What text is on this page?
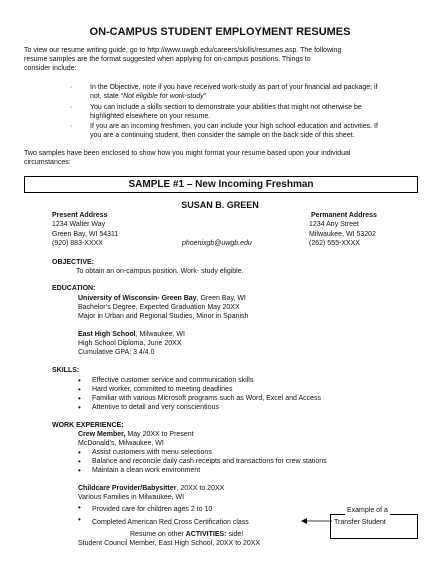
ON-CAMPUS STUDENT EMPLOYMENT RESUMES
To view our resume writing guide, go to http://www.uwgb.edu/careers/skills/resumes.asp. The following
resume samples are the format suggested when applying for on-campus positions. Things to
consider include:
·	In the Objective, note if you have received work-study as part of your financial aid package; if
not, state “Not eligible for work-study”
·	You can include a skills section to demonstrate your abilities that might not otherwise be
highlighted elsewhere on your resume.
·	If you are an incoming freshmen, you can include your high school education and activities. If
you are a continuing student, then consider the sample on the back side of this sheet.
Two samples have been enclosed to show how you might format your resume based upon your individual
circumstances:
SAMPLE #1 – New Incoming Freshman
SUSAN B. GREEN
Present Address
1234 Walter Way
Green Bay, WI 54311
(920) 883-XXXX	phoenixgb@uwgb.edu
Permanent Address
1234 Any Street
Milwaukee, WI 53202
(262) 555-XXXX
OBJECTIVE:
To obtain an on-campus position. Work- study eligible.
EDUCATION:
University of Wisconsin- Green Bay, Green Bay, WI
Bachelor’s Degree, Expected Graduation May 20XX
Major in Urban and Regional Studies, Minor in Spanish
East High School, Milwaukee, WI
High School Diploma, June 20XX
Cumulative GPA: 3.4/4.0
SKILLS:
• Effective customer service and communication skills
• Hard worker, committed to meeting deadlines
• Familiar with various Microsoft programs such as Word, Excel and Access
• Attentive to detail and very conscientious
WORK EXPERIENCE:
Crew Member, May 20XX to Present
McDonald’s, Milwaukee, WI
• Assist customers with menu selections
• Balance and reconcile daily cash receipts and transactions for crew stations
• Maintain a clean work environment
Childcare Provider/Babysitter, 20XX to 20XX
Various Families in Milwaukee, WI
• Provided care for children ages 2 to 10
• Completed American Red Cross Certification class
Resume on other ACTIVITIES: side!
Student Council Member, East High School, 20XX to 20XX
Example of a
Transfer Student
